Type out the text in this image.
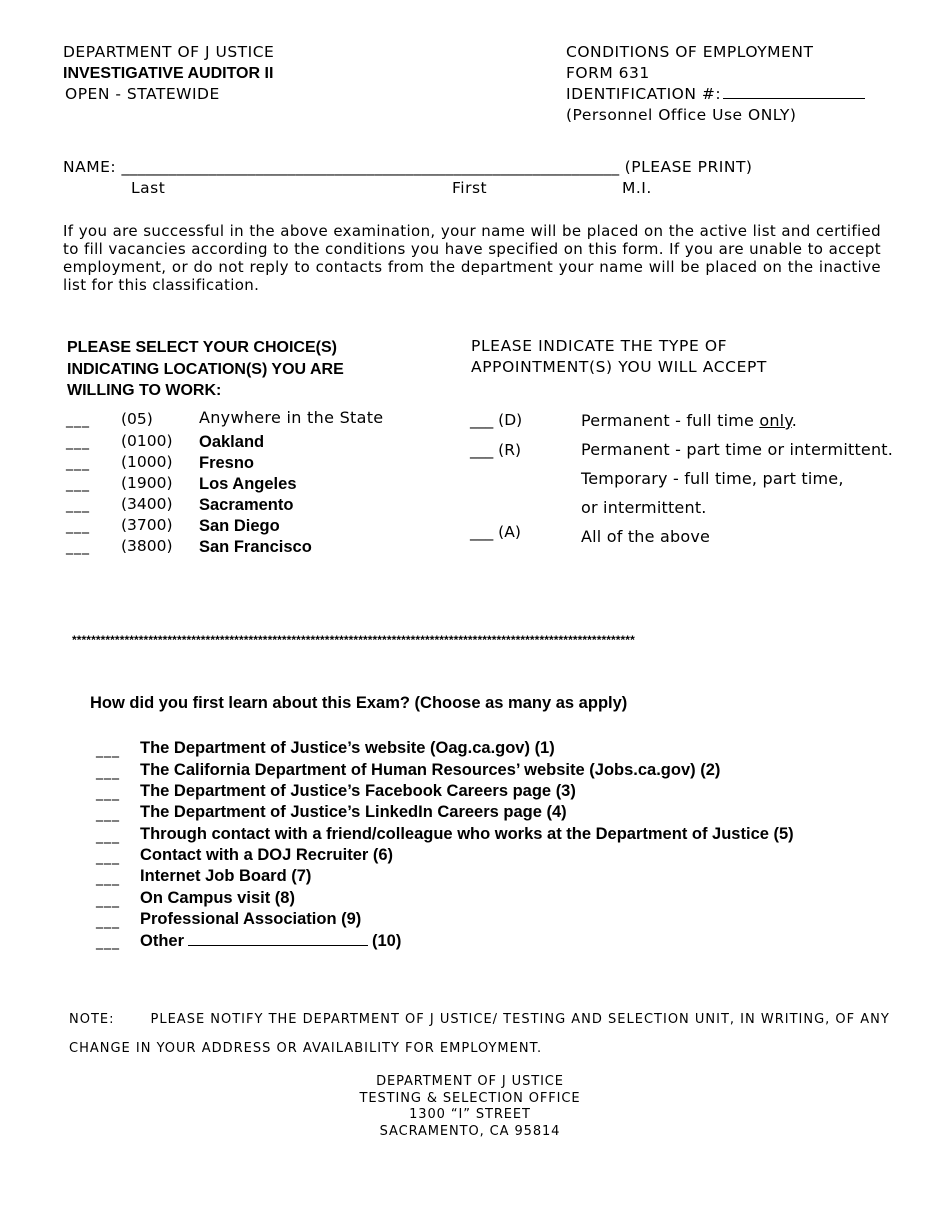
DEPARTMENT OF J USTICE
INVESTIGATIVE AUDITOR II
OPEN - STATEWIDE
CONDITIONS OF EMPLOYMENT
FORM 631
IDENTIFICATION #:
(Personnel Office Use ONLY)
NAME: _______________________________________________________________ (PLEASE PRINT)
Last	First	M.I.
If you are successful in the above examination, your name will be placed on the active list and certified to fill vacancies according to the conditions you have specified on this form. If you are unable to accept employment, or do not reply to contacts from the department your name will be placed on the inactive list for this classification.
PLEASE SELECT YOUR CHOICE(S)
INDICATING LOCATION(S) YOU ARE
WILLING TO WORK:
PLEASE INDICATE THE TYPE OF
APPOINTMENT(S) YOU WILL ACCEPT
___ (05)	Anywhere in the State
___ (0100) Oakland
___ (1000) Fresno
___ (1900) Los Angeles
___ (3400) Sacramento
___ (3700) San Diego
___ (3800) San Francisco
___ (D)	Permanent - full time only.
___ (R)	Permanent - part time or intermittent.
Temporary - full time, part time,
or intermittent.
___ (A)	All of the above
**********************************************************************************************************************
How did you first learn about this Exam? (Choose as many as apply)
___ The Department of Justice’s website (Oag.ca.gov) (1)
___ The California Department of Human Resources’ website (Jobs.ca.gov) (2)
___ The Department of Justice’s Facebook Careers page (3)
___ The Department of Justice’s LinkedIn Careers page (4)
___ Through contact with a friend/colleague who works at the Department of Justice (5)
___ Contact with a DOJ Recruiter (6)
___ Internet Job Board (7)
___ On Campus visit (8)
___ Professional Association (9)
___ Other	(10)
NOTE:	PLEASE NOTIFY THE DEPARTMENT OF J USTICE/ TESTING AND SELECTION UNIT, IN WRITING, OF ANY
CHANGE IN YOUR ADDRESS OR AVAILABILITY FOR EMPLOYMENT.
DEPARTMENT OF J USTICE
TESTING & SELECTION OFFICE
1300 “I” STREET
SACRAMENTO, CA 95814
